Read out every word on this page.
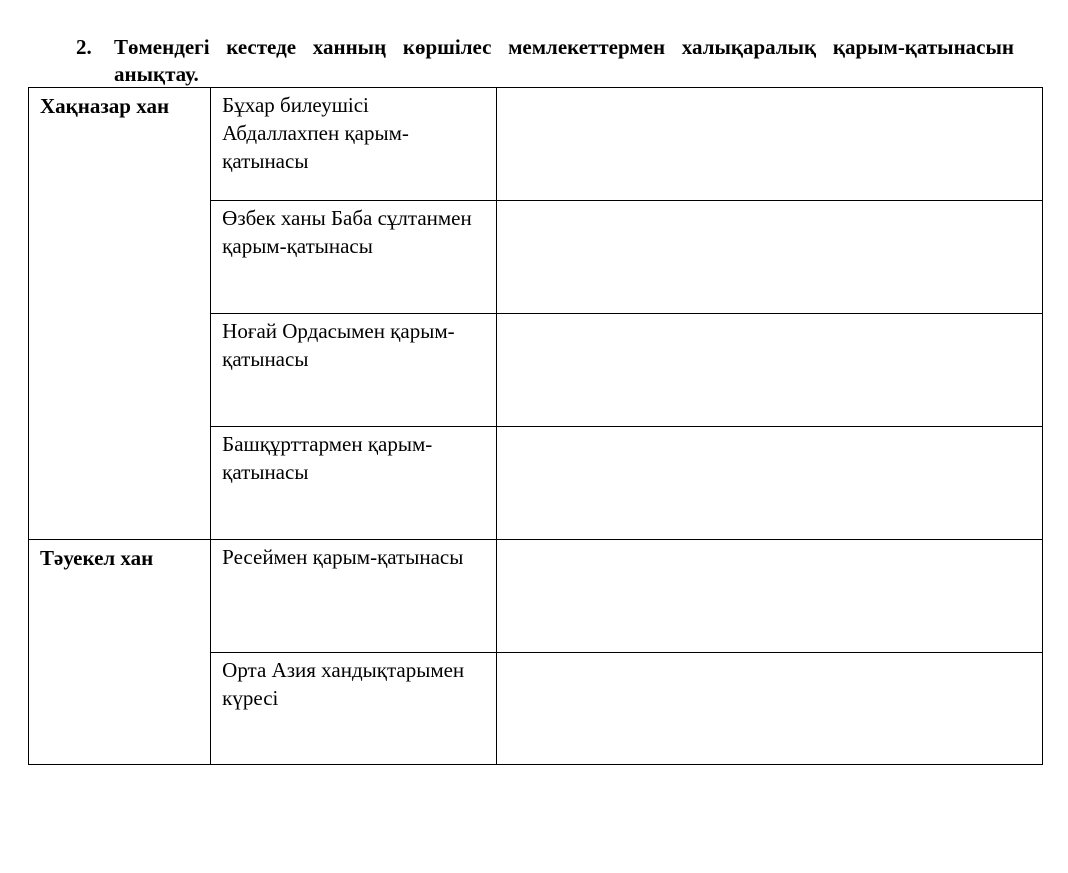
2. Төмендегі кестеде ханның көршілес мемлекеттермен халықаралық қарым-қатынасын анықтау.
Хақназар хан	Бұхар билеушісі Абдаллахпен қарым-қатынасы	

	Өзбек ханы Баба сұлтанмен қарым-қатынасы	

	Ноғай Ордасымен қарым-қатынасы	

	Башқұрттармен қарым-қатынасы	

Тәуекел хан	Ресеймен қарым-қатынасы	

	Орта Азия хандықтарымен күресі	
